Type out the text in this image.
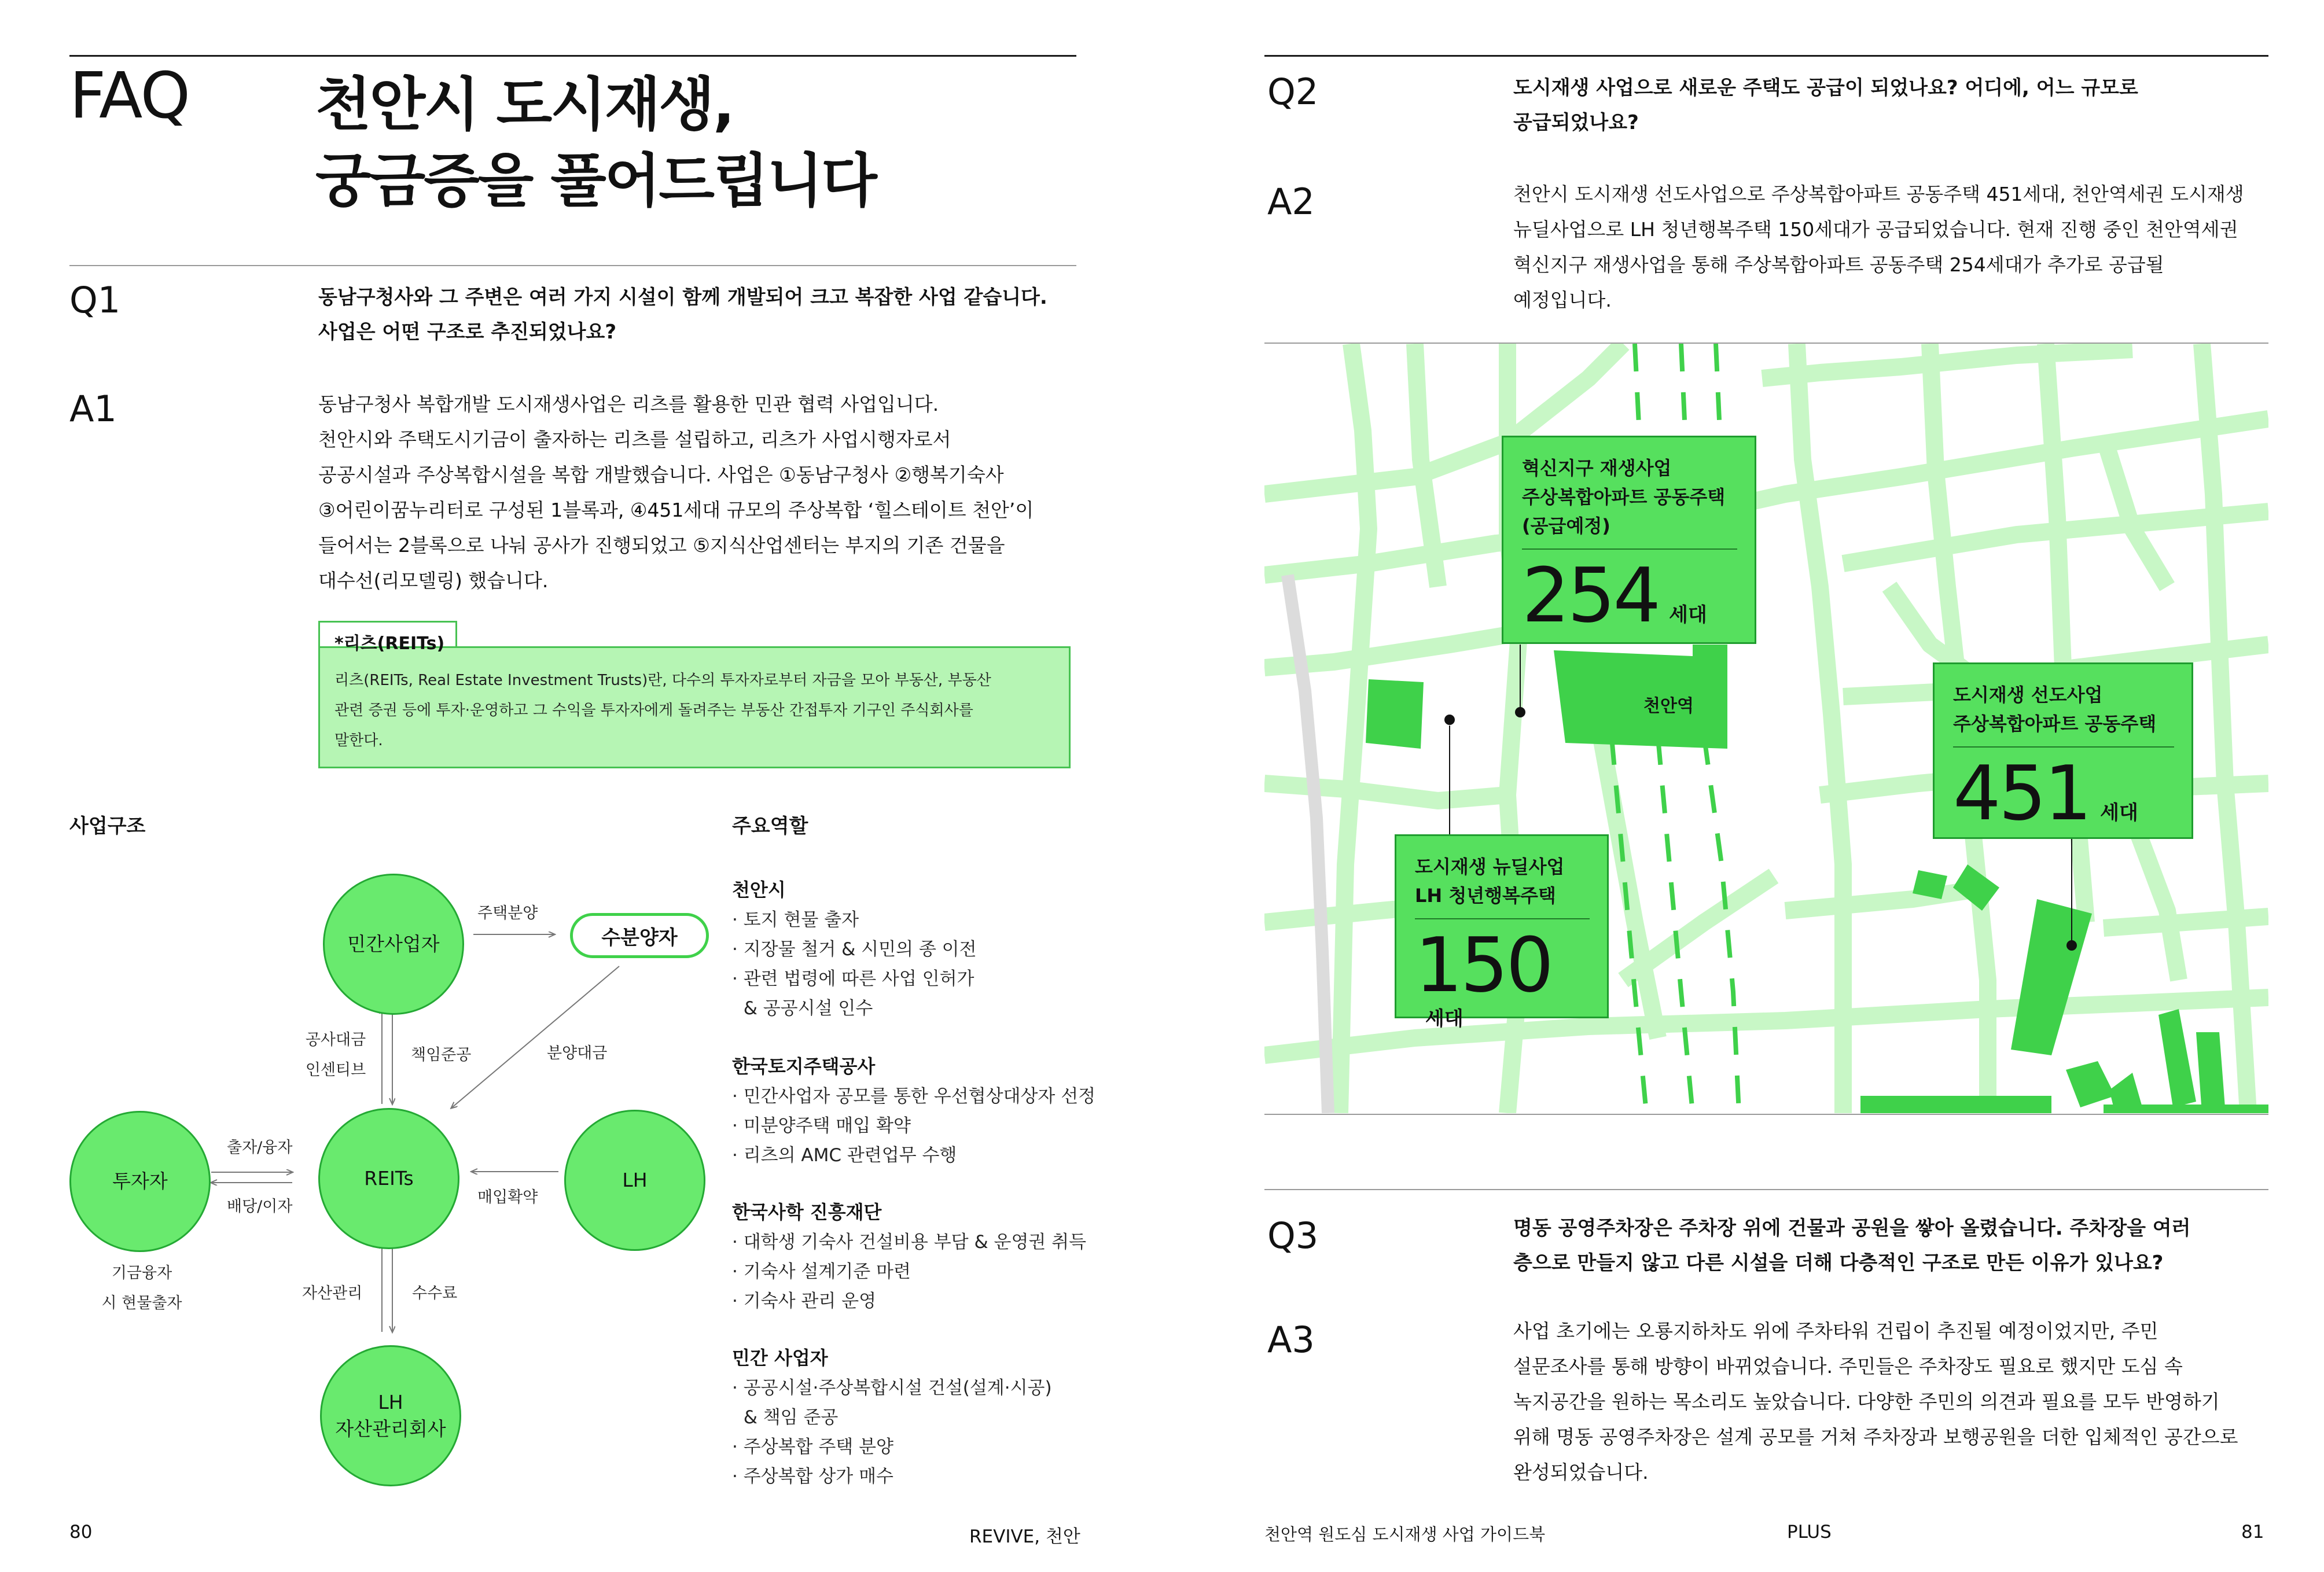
FAQ 천안시 도시재생,
궁금증을 풀어드립니다
Q1	동남구청사와 그 주변은 여러 가지 시설이 함께 개발되어 크고 복잡한 사업 같습니다.
사업은 어떤 구조로 추진되었나요?
A1	동남구청사 복합개발 도시재생사업은 리츠를 활용한 민관 협력 사업입니다.
천안시와 주택도시기금이 출자하는 리츠를 설립하고, 리츠가 사업시행자로서
공공시설과 주상복합시설을 복합 개발했습니다. 사업은 ①동남구청사 ②행복기숙사
③어린이꿈누리터로 구성된 1블록과, ④451세대 규모의 주상복합 ‘힐스테이트 천안’이
들어서는 2블록으로 나눠 공사가 진행되었고 ⑤지식산업센터는 부지의 기존 건물을
대수선(리모델링) 했습니다.
*리츠(REITs)
리츠(REITs, Real Estate Investment Trusts)란, 다수의 투자자로부터 자금을 모아 부동산, 부동산
관련 증권 등에 투자·운영하고 그 수익을 투자자에게 돌려주는 부동산 간접투자 기구인 주식회사를
말한다.
사업구조
민간사업자	수분양자
투자자	REITs	LH
LH
자산관리회사
주택분양
공사대금
인센티브
책임준공	분양대금
출자/융자
배당/이자
매입확약
기금융자
시 현물출자
자산관리	수수료
주요역할
천안시
· 토지 현물 출자
· 지장물 철거 & 시민의 종 이전
· 관련 법령에 따른 사업 인허가
& 공공시설 인수
한국토지주택공사
· 민간사업자 공모를 통한 우선협상대상자 선정
· 미분양주택 매입 확약
· 리츠의 AMC 관련업무 수행
한국사학 진흥재단
· 대학생 기숙사 건설비용 부담 & 운영권 취득
· 기숙사 설계기준 마련
· 기숙사 관리 운영
민간 사업자
· 공공시설·주상복합시설 건설(설계·시공)
& 책임 준공
· 주상복합 주택 분양
· 주상복합 상가 매수
80	REVIVE, 천안
Q2	도시재생 사업으로 새로운 주택도 공급이 되었나요? 어디에, 어느 규모로
공급되었나요?
A2	천안시 도시재생 선도사업으로 주상복합아파트 공동주택 451세대, 천안역세권 도시재생
뉴딜사업으로 LH 청년행복주택 150세대가 공급되었습니다. 현재 진행 중인 천안역세권
혁신지구 재생사업을 통해 주상복합아파트 공동주택 254세대가 추가로 공급될
예정입니다.
천안역
혁신지구 재생사업
주상복합아파트 공동주택
(공급예정)
254 세대
도시재생 선도사업
주상복합아파트 공동주택
451 세대
도시재생 뉴딜사업
LH 청년행복주택
150세대
Q3	명동 공영주차장은 주차장 위에 건물과 공원을 쌓아 올렸습니다. 주차장을 여러
층으로 만들지 않고 다른 시설을 더해 다층적인 구조로 만든 이유가 있나요?
A3	사업 초기에는 오룡지하차도 위에 주차타워 건립이 추진될 예정이었지만, 주민
설문조사를 통해 방향이 바뀌었습니다. 주민들은 주차장도 필요로 했지만 도심 속
녹지공간을 원하는 목소리도 높았습니다. 다양한 주민의 의견과 필요를 모두 반영하기
위해 명동 공영주차장은 설계 공모를 거쳐 주차장과 보행공원을 더한 입체적인 공간으로
완성되었습니다.
천안역 원도심 도시재생 사업 가이드북	PLUS	81
